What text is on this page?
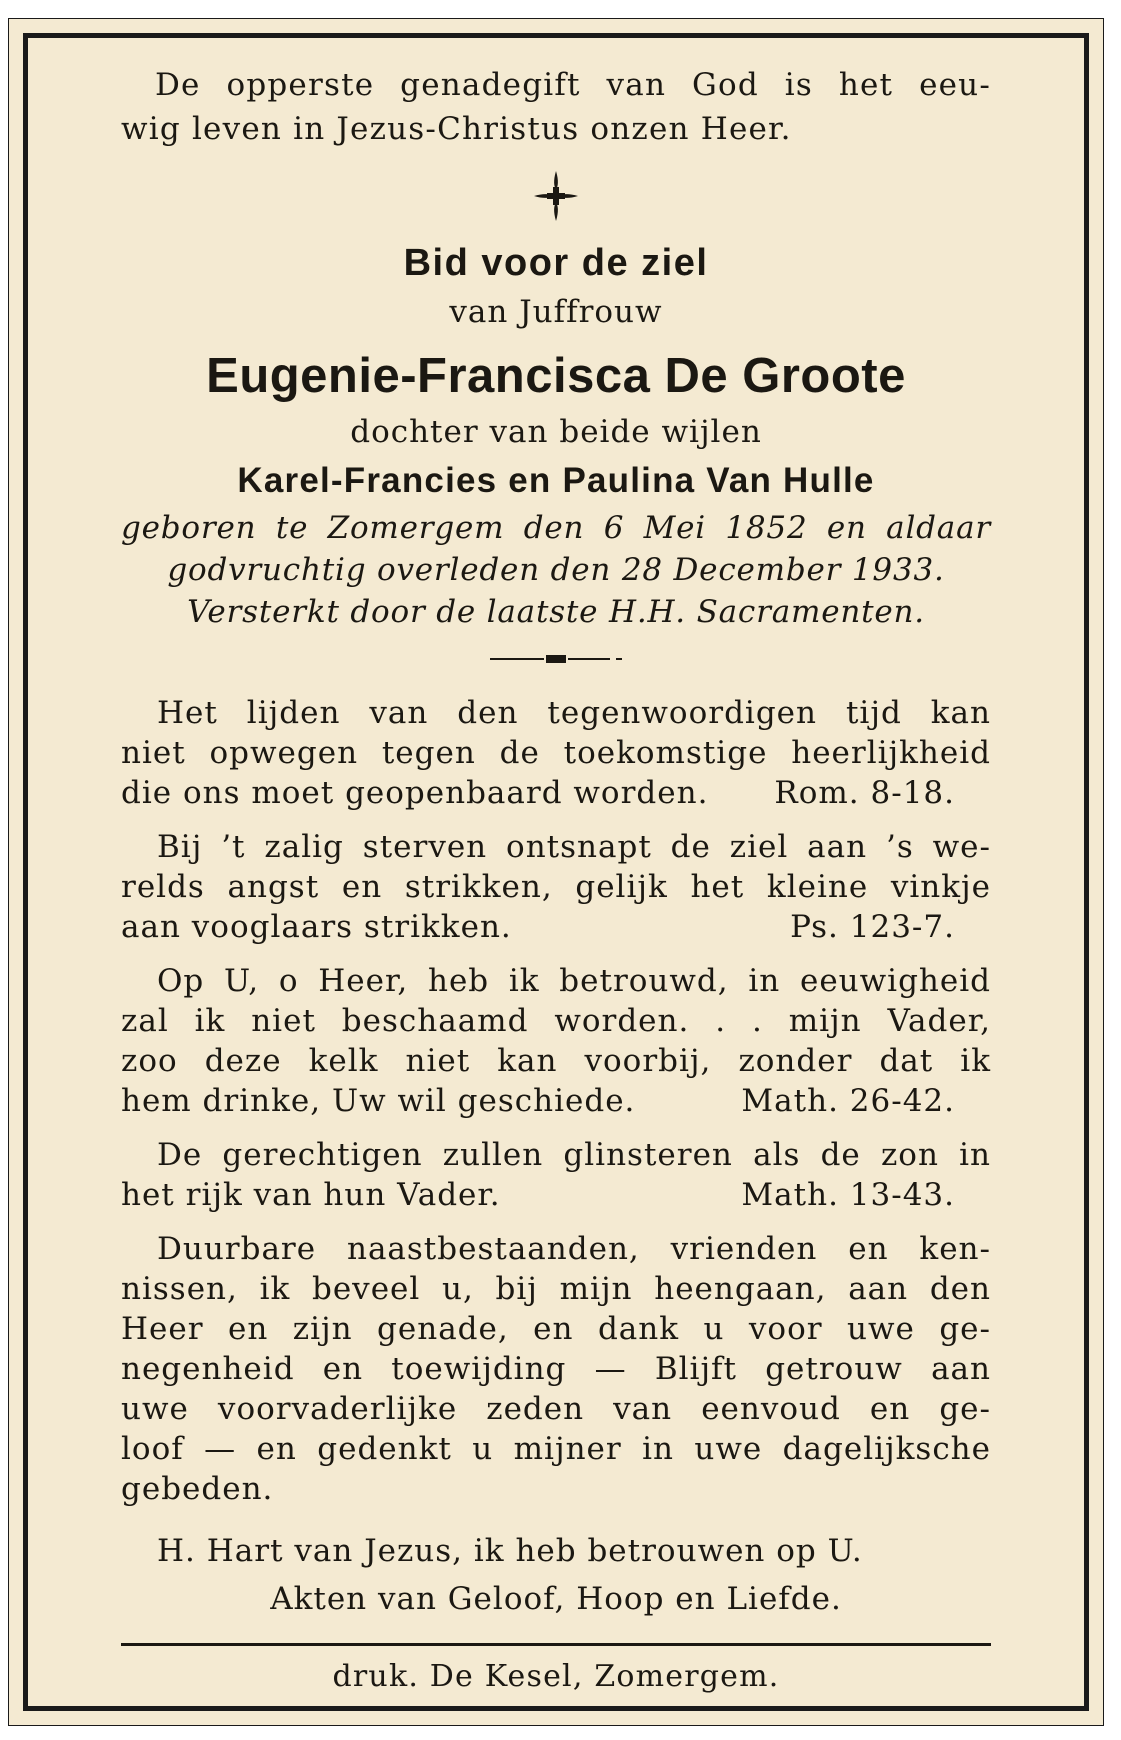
De opperste genadegift van God is het eeu-
wig leven in Jezus-Christus onzen Heer.
Bid voor de ziel
van Juffrouw
Eugenie-Francisca De Groote
dochter van beide wijlen
Karel-Francies en Paulina Van Hulle
geboren te Zomergem den 6 Mei 1852 en aldaar
godvruchtig overleden den 28 December 1933.
Versterkt door de laatste H.H. Sacramenten.
Het lijden van den tegenwoordigen tijd kan
niet opwegen tegen de toekomstige heerlijkheid
die ons moet geopenbaard worden. Rom. 8-18.
Bij ’t zalig sterven ontsnapt de ziel aan ’s we-
relds angst en strikken, gelijk het kleine vinkje
aan vooglaars strikken.	Ps. 123-7.
Op U, o Heer, heb ik betrouwd, in eeuwigheid
zal ik niet beschaamd worden. . . mijn Vader,
zoo deze kelk niet kan voorbij, zonder dat ik
hem drinke, Uw wil geschiede.	Math. 26-42.
De gerechtigen zullen glinsteren als de zon in
het rijk van hun Vader.	Math. 13-43.
Duurbare naastbestaanden, vrienden en ken-
nissen, ik beveel u, bij mijn heengaan, aan den
Heer en zijn genade, en dank u voor uwe ge-
negenheid en toewijding — Blijft getrouw aan
uwe voorvaderlijke zeden van eenvoud en ge-
loof — en gedenkt u mijner in uwe dagelijksche
gebeden.
H. Hart van Jezus, ik heb betrouwen op U.
Akten van Geloof, Hoop en Liefde.
druk. De Kesel, Zomergem.
